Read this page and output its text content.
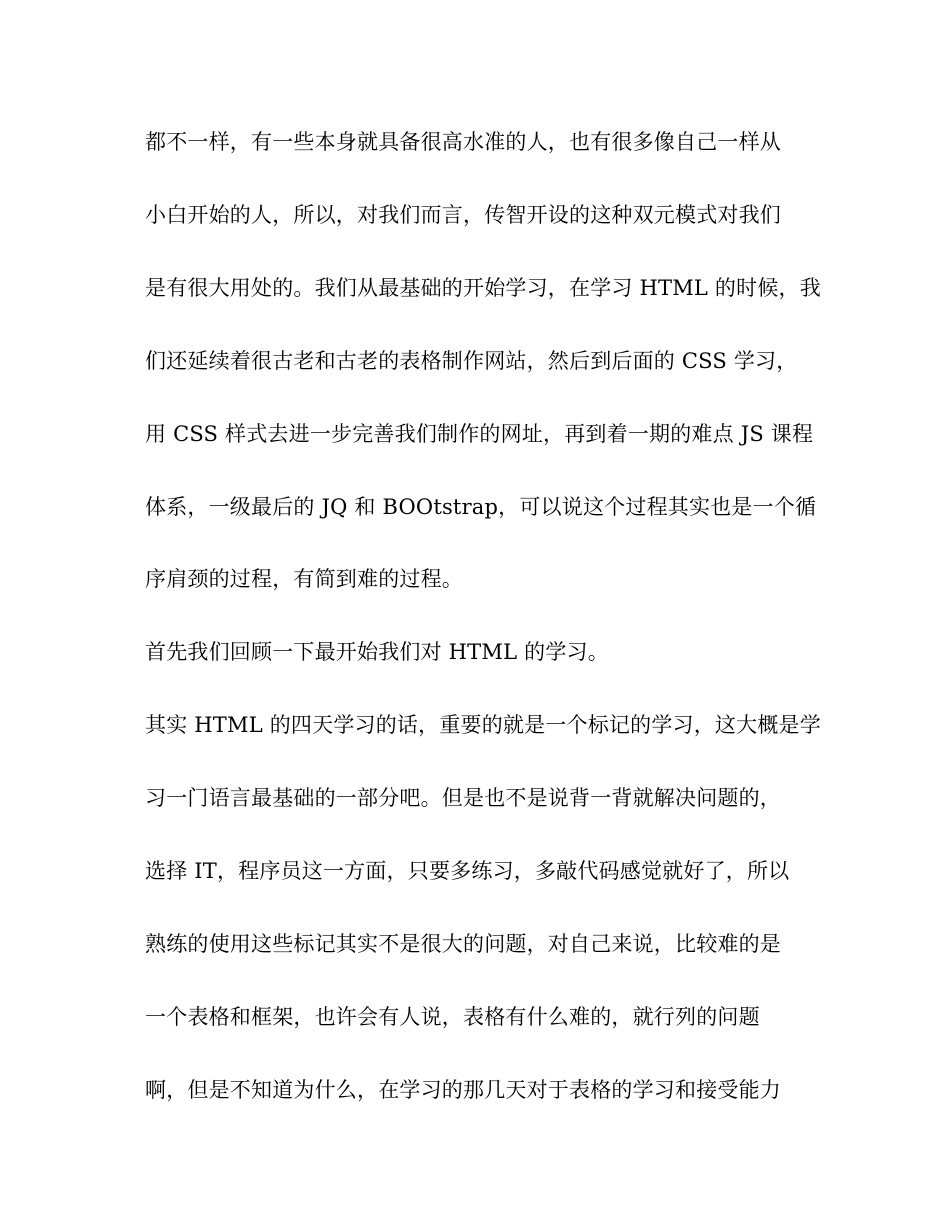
都不一样，有一些本身就具备很高水准的人，也有很多像自己一样从
小白开始的人，所以，对我们而言，传智开设的这种双元模式对我们
是有很大用处的。我们从最基础的开始学习，在学习 HTML 的时候，我
们还延续着很古老和古老的表格制作网站，然后到后面的 CSS 学习，
用 CSS 样式去进一步完善我们制作的网址，再到着一期的难点 JS 课程
体系，一级最后的 JQ 和 BOOtstrap，可以说这个过程其实也是一个循
序肩颈的过程，有简到难的过程。
首先我们回顾一下最开始我们对 HTML 的学习。
其实 HTML 的四天学习的话，重要的就是一个标记的学习，这大概是学
习一门语言最基础的一部分吧。但是也不是说背一背就解决问题的，
选择 IT，程序员这一方面，只要多练习，多敲代码感觉就好了，所以
熟练的使用这些标记其实不是很大的问题，对自己来说，比较难的是
一个表格和框架，也许会有人说，表格有什么难的，就行列的问题
啊，但是不知道为什么，在学习的那几天对于表格的学习和接受能力
